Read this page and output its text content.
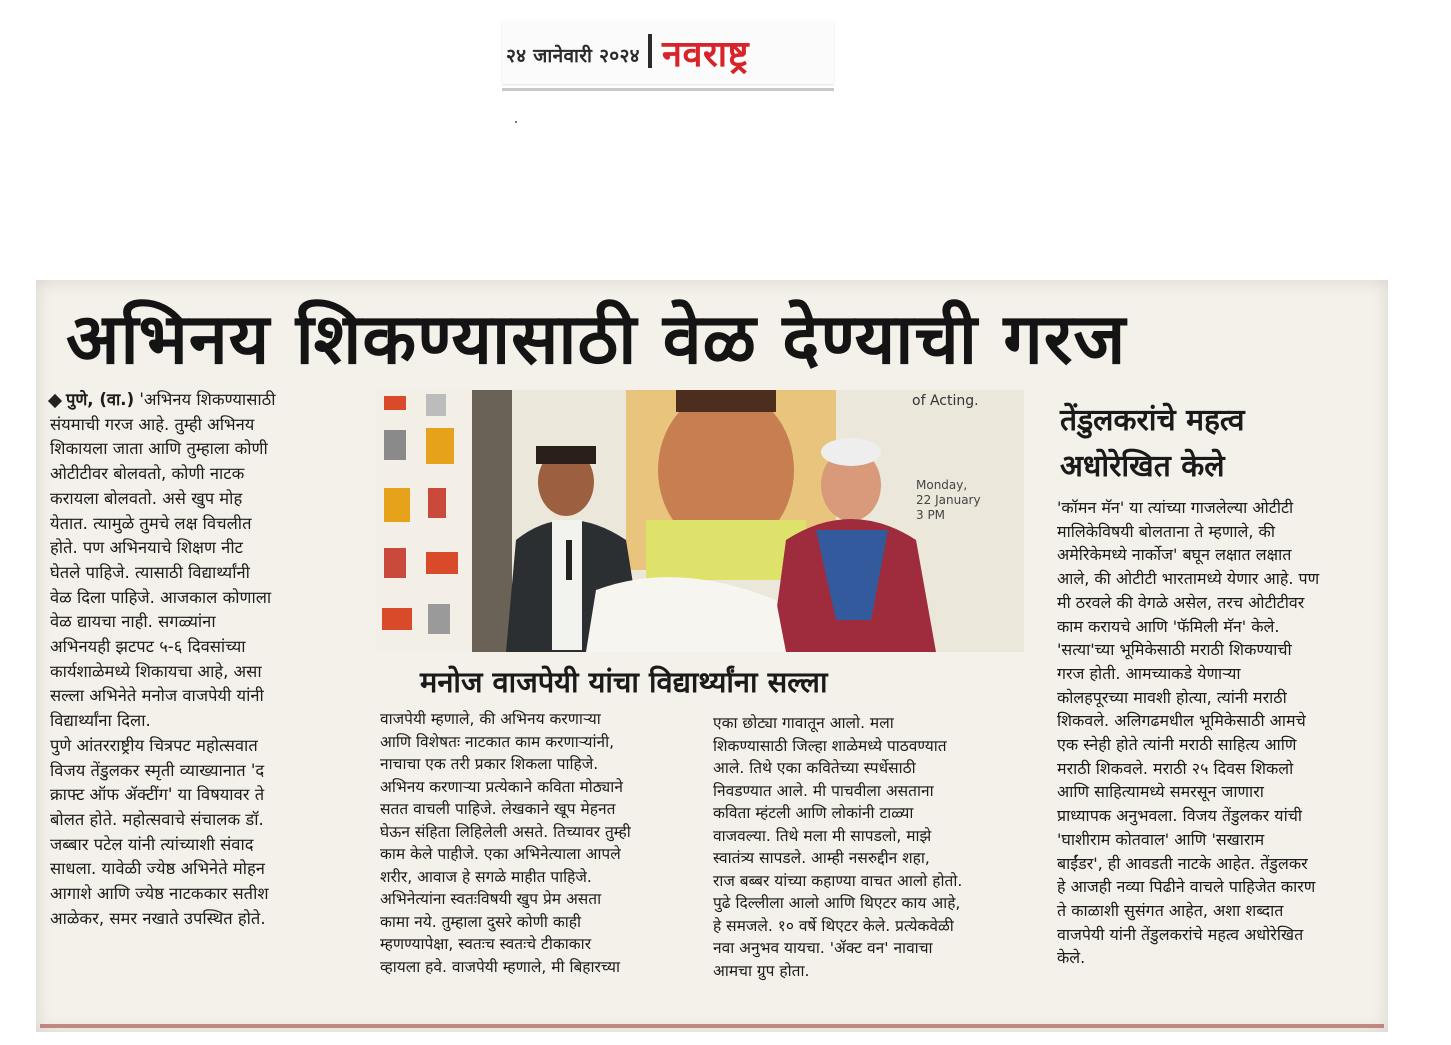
२४ जानेवारी २०२४ नवराष्ट्र
अभिनय शिकण्यासाठी वेळ देण्याची गरज
पुणे, (वा.) 'अभिनय शिकण्यासाठी
संयमाची गरज आहे. तुम्ही अभिनय
शिकायला जाता आणि तुम्हाला कोणी
ओटीटीवर बोलवतो, कोणी नाटक
करायला बोलवतो. असे खुप मोह
येतात. त्यामुळे तुमचे लक्ष विचलीत
होते. पण अभिनयाचे शिक्षण नीट
घेतले पाहिजे. त्यासाठी विद्यार्थ्यांनी
वेळ दिला पाहिजे. आजकाल कोणाला
वेळ द्यायचा नाही. सगळ्यांना
अभिनयही झटपट ५-६ दिवसांच्या
कार्यशाळेमध्ये शिकायचा आहे, असा
सल्ला अभिनेते मनोज वाजपेयी यांनी
विद्यार्थ्यांना दिला.
पुणे आंतरराष्ट्रीय चित्रपट महोत्सवात
विजय तेंडुलकर स्मृती व्याख्यानात 'द
क्राफ्ट ऑफ ॲक्टींग' या विषयावर ते
बोलत होते. महोत्सवाचे संचालक डॉ.
जब्बार पटेल यांनी त्यांच्याशी संवाद
साधला. यावेळी ज्येष्ठ अभिनेते मोहन
आगाशे आणि ज्येष्ठ नाटककार सतीश
आळेकर, समर नखाते उपस्थित होते.
of Acting.
Monday,
22 January
3 PM
मनोज वाजपेयी यांचा विद्यार्थ्यांना सल्ला
वाजपेयी म्हणाले, की अभिनय करणाऱ्या
आणि विशेषतः नाटकात काम करणाऱ्यांनी,
नाचाचा एक तरी प्रकार शिकला पाहिजे.
अभिनय करणाऱ्या प्रत्येकाने कविता मोठ्याने
सतत वाचली पाहिजे. लेखकाने खूप मेहनत
घेऊन संहिता लिहिलेली असते. तिच्यावर तुम्ही
काम केले पाहीजे. एका अभिनेत्याला आपले
शरीर, आवाज हे सगळे माहीत पाहिजे.
अभिनेत्यांना स्वतःविषयी खुप प्रेम असता
कामा नये. तुम्हाला दुसरे कोणी काही
म्हणण्यापेक्षा, स्वतःच स्वतःचे टीकाकार
व्हायला हवे. वाजपेयी म्हणाले, मी बिहारच्या
एका छोट्या गावातून आलो. मला
शिकण्यासाठी जिल्हा शाळेमध्ये पाठवण्यात
आले. तिथे एका कवितेच्या स्पर्धेसाठी
निवडण्यात आले. मी पाचवीला असताना
कविता म्हंटली आणि लोकांनी टाळ्या
वाजवल्या. तिथे मला मी सापडलो, माझे
स्वातंत्र्य सापडले. आम्ही नसरुद्दीन शहा,
राज बब्बर यांच्या कहाण्या वाचत आलो होतो.
पुढे दिल्लीला आलो आणि थिएटर काय आहे,
हे समजले. १० वर्षे थिएटर केले. प्रत्येकवेळी
नवा अनुभव यायचा. 'ॲक्ट वन' नावाचा
आमचा ग्रुप होता.
तेंडुलकरांचे महत्व
अधोरेखित केले
'कॉमन मॅन' या त्यांच्या गाजलेल्या ओटीटी
मालिकेविषयी बोलताना ते म्हणाले, की
अमेरिकेमध्ये नार्कोज' बघून लक्षात लक्षात
आले, की ओटीटी भारतामध्ये येणार आहे. पण
मी ठरवले की वेगळे असेल, तरच ओटीटीवर
काम करायचे आणि 'फॅमिली मॅन' केले.
'सत्या'च्या भूमिकेसाठी मराठी शिकण्याची
गरज होती. आमच्याकडे येणाऱ्या
कोलहपूरच्या मावशी होत्या, त्यांनी मराठी
शिकवले. अलिगढमधील भूमिकेसाठी आमचे
एक स्नेही होते त्यांनी मराठी साहित्य आणि
मराठी शिकवले. मराठी २५ दिवस शिकलो
आणि साहित्यामध्ये समरसून जाणारा
प्राध्यापक अनुभवला. विजय तेंडुलकर यांची
'घाशीराम कोतवाल' आणि 'सखाराम
बाईंडर', ही आवडती नाटके आहेत. तेंडुलकर
हे आजही नव्या पिढीने वाचले पाहिजेत कारण
ते काळाशी सुसंगत आहेत, अशा शब्दात
वाजपेयी यांनी तेंडुलकरांचे महत्व अधोरेखित
केले.
